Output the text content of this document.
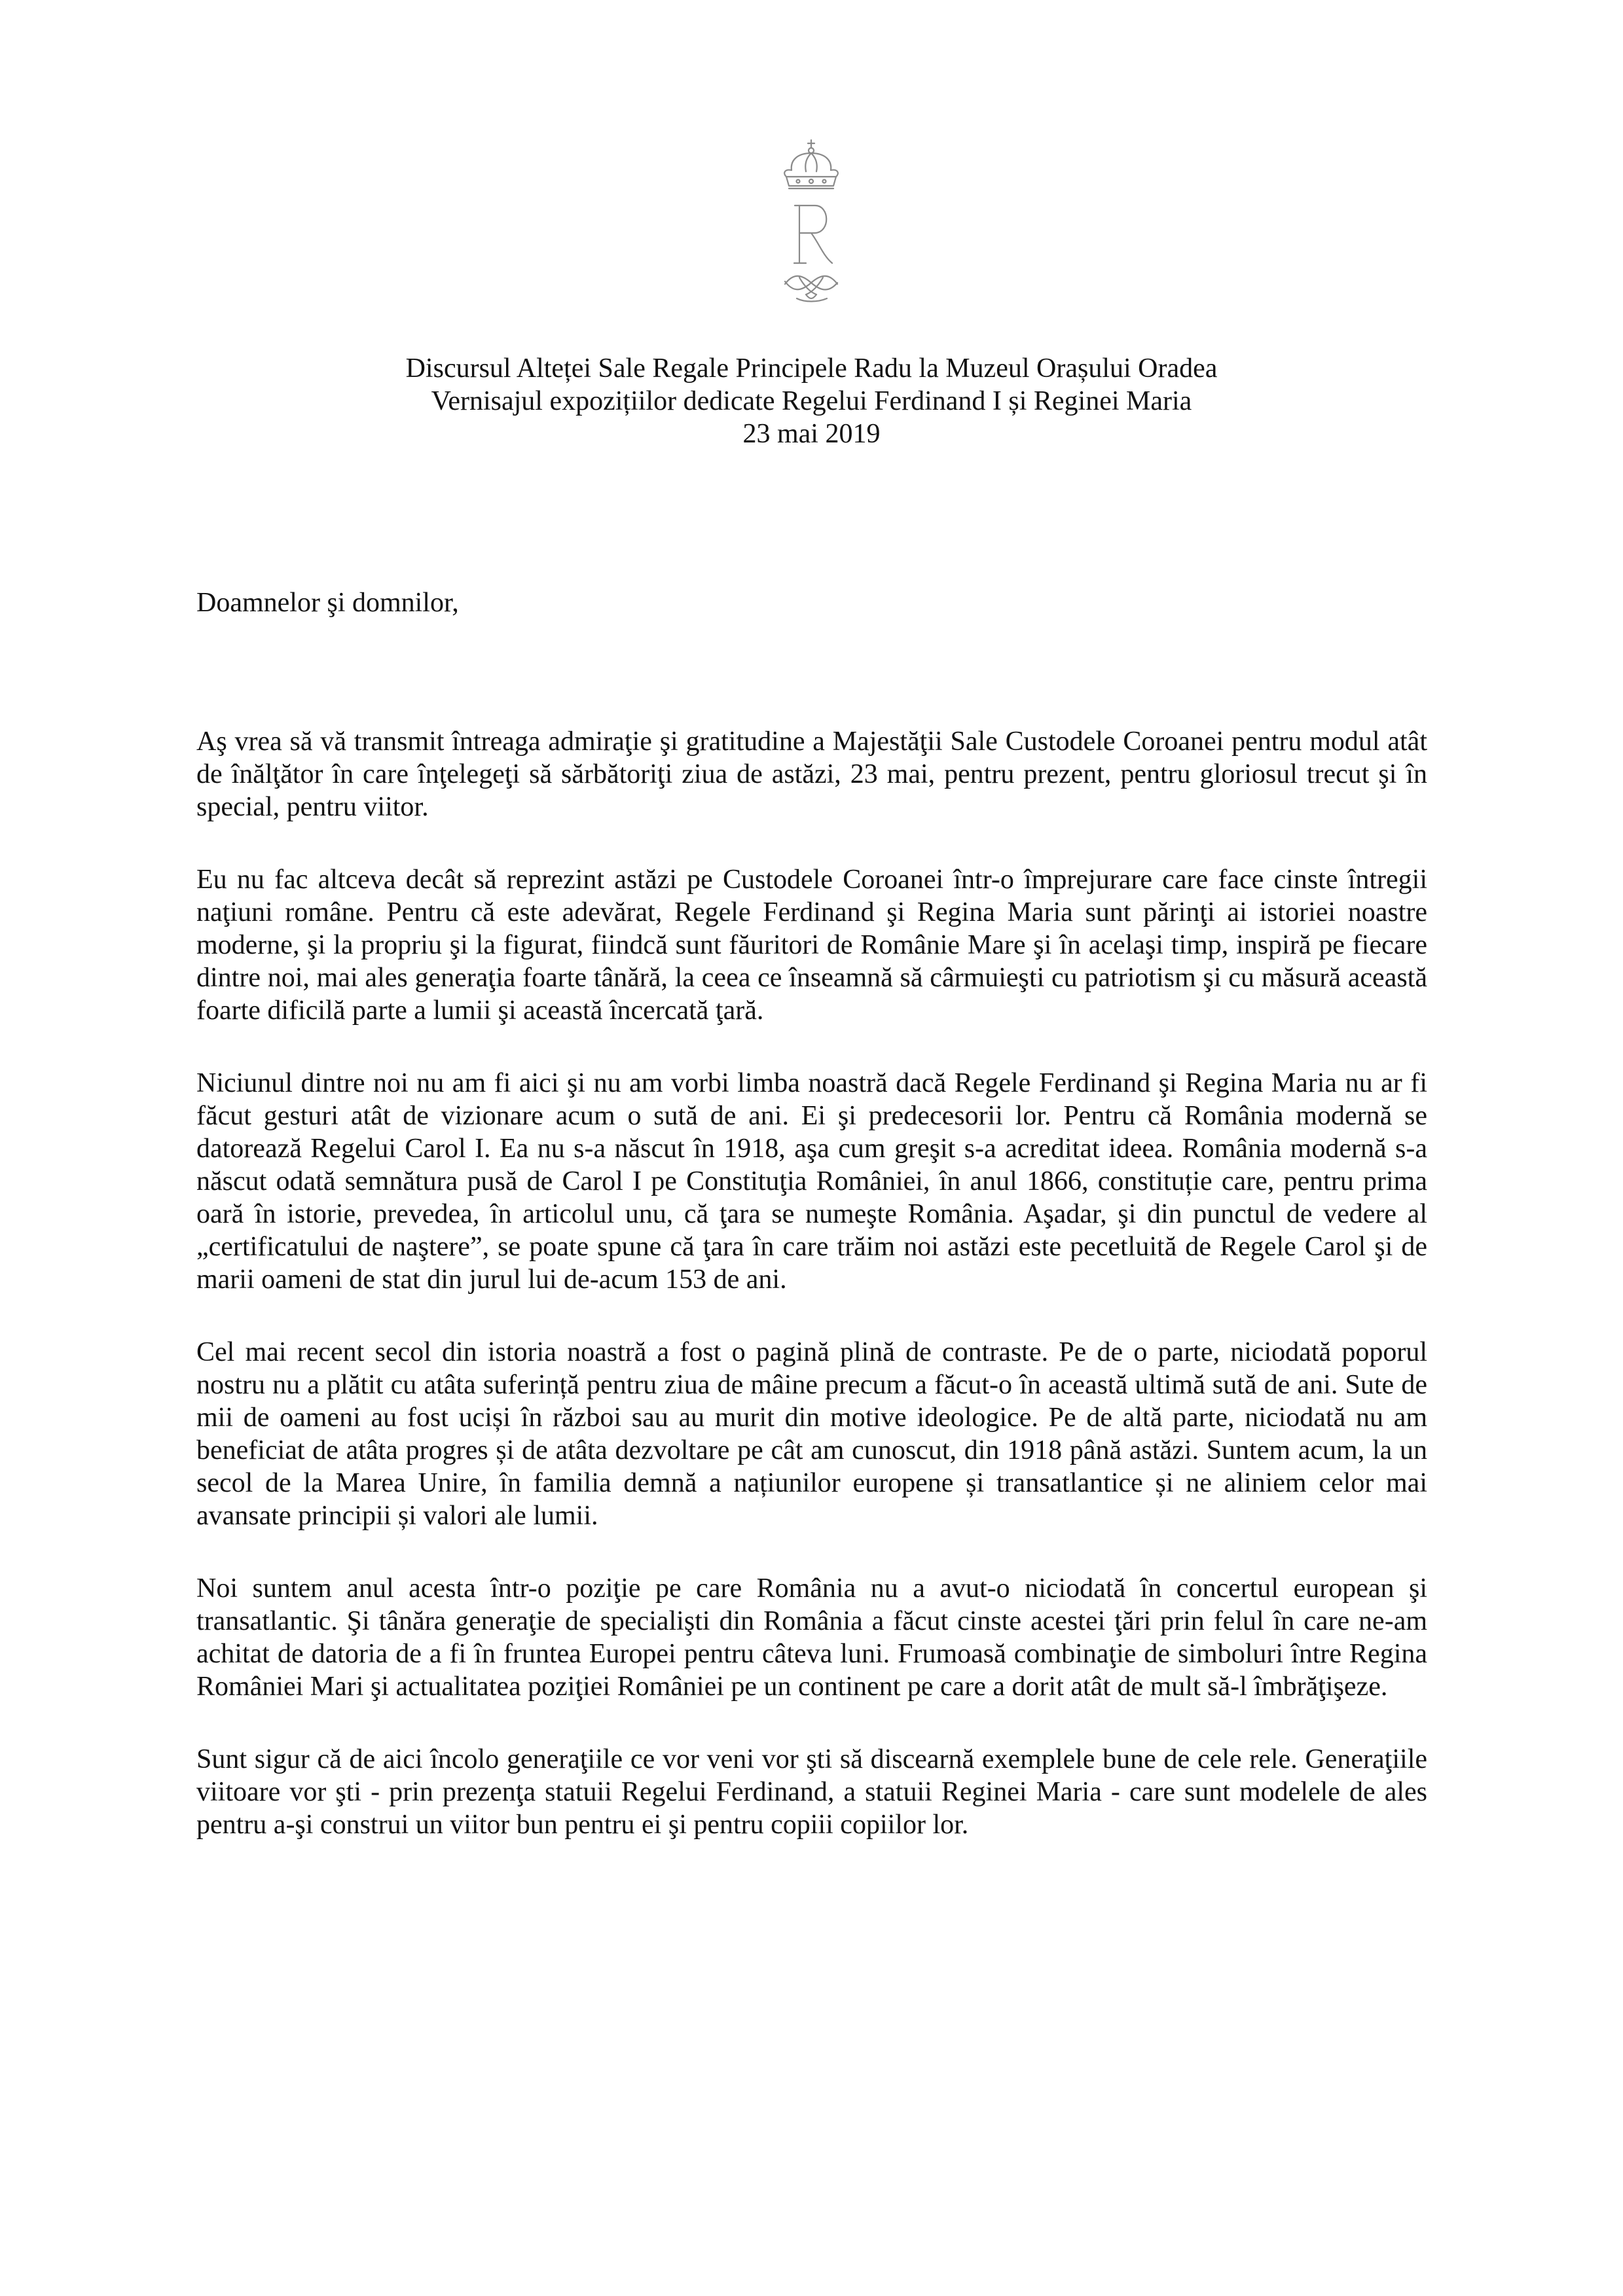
Discursul Alteței Sale Regale Principele Radu la Muzeul Orașului Oradea
Vernisajul expozițiilor dedicate Regelui Ferdinand I și Reginei Maria
23 mai 2019

Doamnelor şi domnilor,

Aş vrea să vă transmit întreaga admiraţie şi gratitudine a Majestăţii Sale Custodele Coroanei pentru modul atât de înălţător în care înţelegeţi să sărbătoriţi ziua de astăzi, 23 mai, pentru prezent, pentru gloriosul trecut şi în special, pentru viitor.

Eu nu fac altceva decât să reprezint astăzi pe Custodele Coroanei într-o împrejurare care face cinste întregii naţiuni române. Pentru că este adevărat, Regele Ferdinand şi Regina Maria sunt părinţi ai istoriei noastre moderne, şi la propriu şi la figurat, fiindcă sunt făuritori de Românie Mare şi în acelaşi timp, inspiră pe fiecare dintre noi, mai ales generaţia foarte tânără, la ceea ce înseamnă să cârmuieşti cu patriotism şi cu măsură această foarte dificilă parte a lumii şi această încercată ţară.

Niciunul dintre noi nu am fi aici şi nu am vorbi limba noastră dacă Regele Ferdinand şi Regina Maria nu ar fi făcut gesturi atât de vizionare acum o sută de ani. Ei şi predecesorii lor. Pentru că România modernă se datorează Regelui Carol I. Ea nu s-a născut în 1918, aşa cum greşit s-a acreditat ideea. România modernă s-a născut odată semnătura pusă de Carol I pe Constituţia României, în anul 1866, constituție care, pentru prima oară în istorie, prevedea, în articolul unu, că ţara se numeşte România. Aşadar, şi din punctul de vedere al „certificatului de naştere”, se poate spune că ţara în care trăim noi astăzi este pecetluită de Regele Carol şi de marii oameni de stat din jurul lui de-acum 153 de ani.

Cel mai recent secol din istoria noastră a fost o pagină plină de contraste. Pe de o parte, niciodată poporul nostru nu a plătit cu atâta suferință pentru ziua de mâine precum a făcut-o în această ultimă sută de ani. Sute de mii de oameni au fost uciși în război sau au murit din motive ideologice. Pe de altă parte, niciodată nu am beneficiat de atâta progres și de atâta dezvoltare pe cât am cunoscut, din 1918 până astăzi. Suntem acum, la un secol de la Marea Unire, în familia demnă a națiunilor europene și transatlantice și ne aliniem celor mai avansate principii și valori ale lumii.

Noi suntem anul acesta într-o poziţie pe care România nu a avut-o niciodată în concertul european şi transatlantic. Şi tânăra generaţie de specialişti din România a făcut cinste acestei ţări prin felul în care ne-am achitat de datoria de a fi în fruntea Europei pentru câteva luni. Frumoasă combinaţie de simboluri între Regina României Mari şi actualitatea poziţiei României pe un continent pe care a dorit atât de mult să-l îmbrăţişeze.

Sunt sigur că de aici încolo generaţiile ce vor veni vor şti să discearnă exemplele bune de cele rele. Generaţiile viitoare vor şti - prin prezenţa statuii Regelui Ferdinand, a statuii Reginei Maria - care sunt modelele de ales pentru a-şi construi un viitor bun pentru ei şi pentru copiii copiilor lor.
